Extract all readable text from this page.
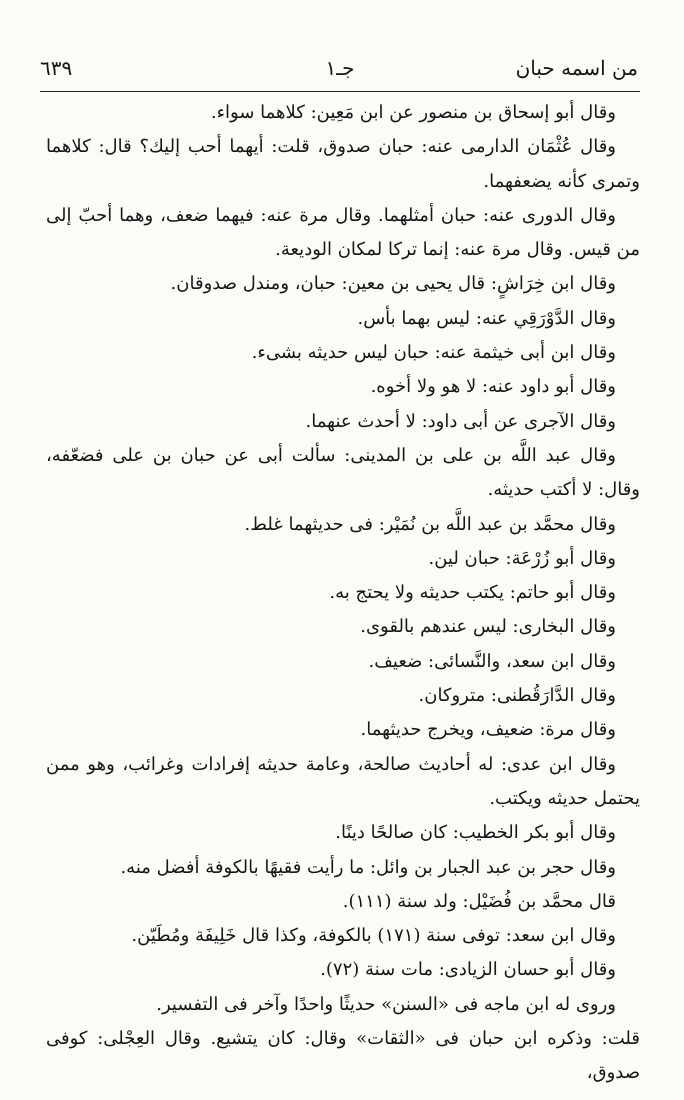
٦٣٩	جـ١	من اسمه حبان

وقال أبو إسحاق بن منصور عن ابن مَعِين: كلاهما سواء.

وقال عُثْمَان الدارمى عنه: حبان صدوق، قلت: أيهما أحب إليك؟ قال: كلاهما وتمرى كأنه يضعفهما.

وقال الدورى عنه: حبان أمثلهما. وقال مرة عنه: فيهما ضعف، وهما أحبّ إلى من قيس. وقال مرة عنه: إنما تركا لمكان الوديعة.

وقال ابن خِرَاشٍ: قال يحيى بن معين: حبان، ومندل صدوقان.

وقال الدَّوْرَقِي عنه: ليس بهما بأس.

وقال ابن أبى خيثمة عنه: حبان ليس حديثه بشىء.

وقال أبو داود عنه: لا هو ولا أخوه.

وقال الآجرى عن أبى داود: لا أحدث عنهما.

وقال عبد اللَّه بن على بن المدينى: سألت أبى عن حبان بن على فضعّفه، وقال: لا أكتب حديثه.

وقال محمَّد بن عبد اللَّه بن نُمَيْر: فى حديثهما غلط.

وقال أبو زُرْعَة: حبان لين.

وقال أبو حاتم: يكتب حديثه ولا يحتج به.

وقال البخارى: ليس عندهم بالقوى.

وقال ابن سعد، والنَّسائى: ضعيف.

وقال الدَّارَقُطنى: متروكان.

وقال مرة: ضعيف، ويخرج حديثهما.

وقال ابن عدى: له أحاديث صالحة، وعامة حديثه إفرادات وغرائب، وهو ممن يحتمل حديثه ويكتب.

وقال أبو بكر الخطيب: كان صالحًا دينًا.

وقال حجر بن عبد الجبار بن وائل: ما رأيت فقيهًا بالكوفة أفضل منه.

قال محمَّد بن فُضَيْل: ولد سنة (١١١).

وقال ابن سعد: توفى سنة (١٧١) بالكوفة، وكذا قال خَلِيفَة ومُطَيّن.

وقال أبو حسان الزيادى: مات سنة (٧٢).

وروى له ابن ماجه فى «السنن» حديثًا واحدًا وآخر فى التفسير.

قلت: وذكره ابن حبان فى «الثقات» وقال: كان يتشيع. وقال العِجْلى: كوفى صدوق،
